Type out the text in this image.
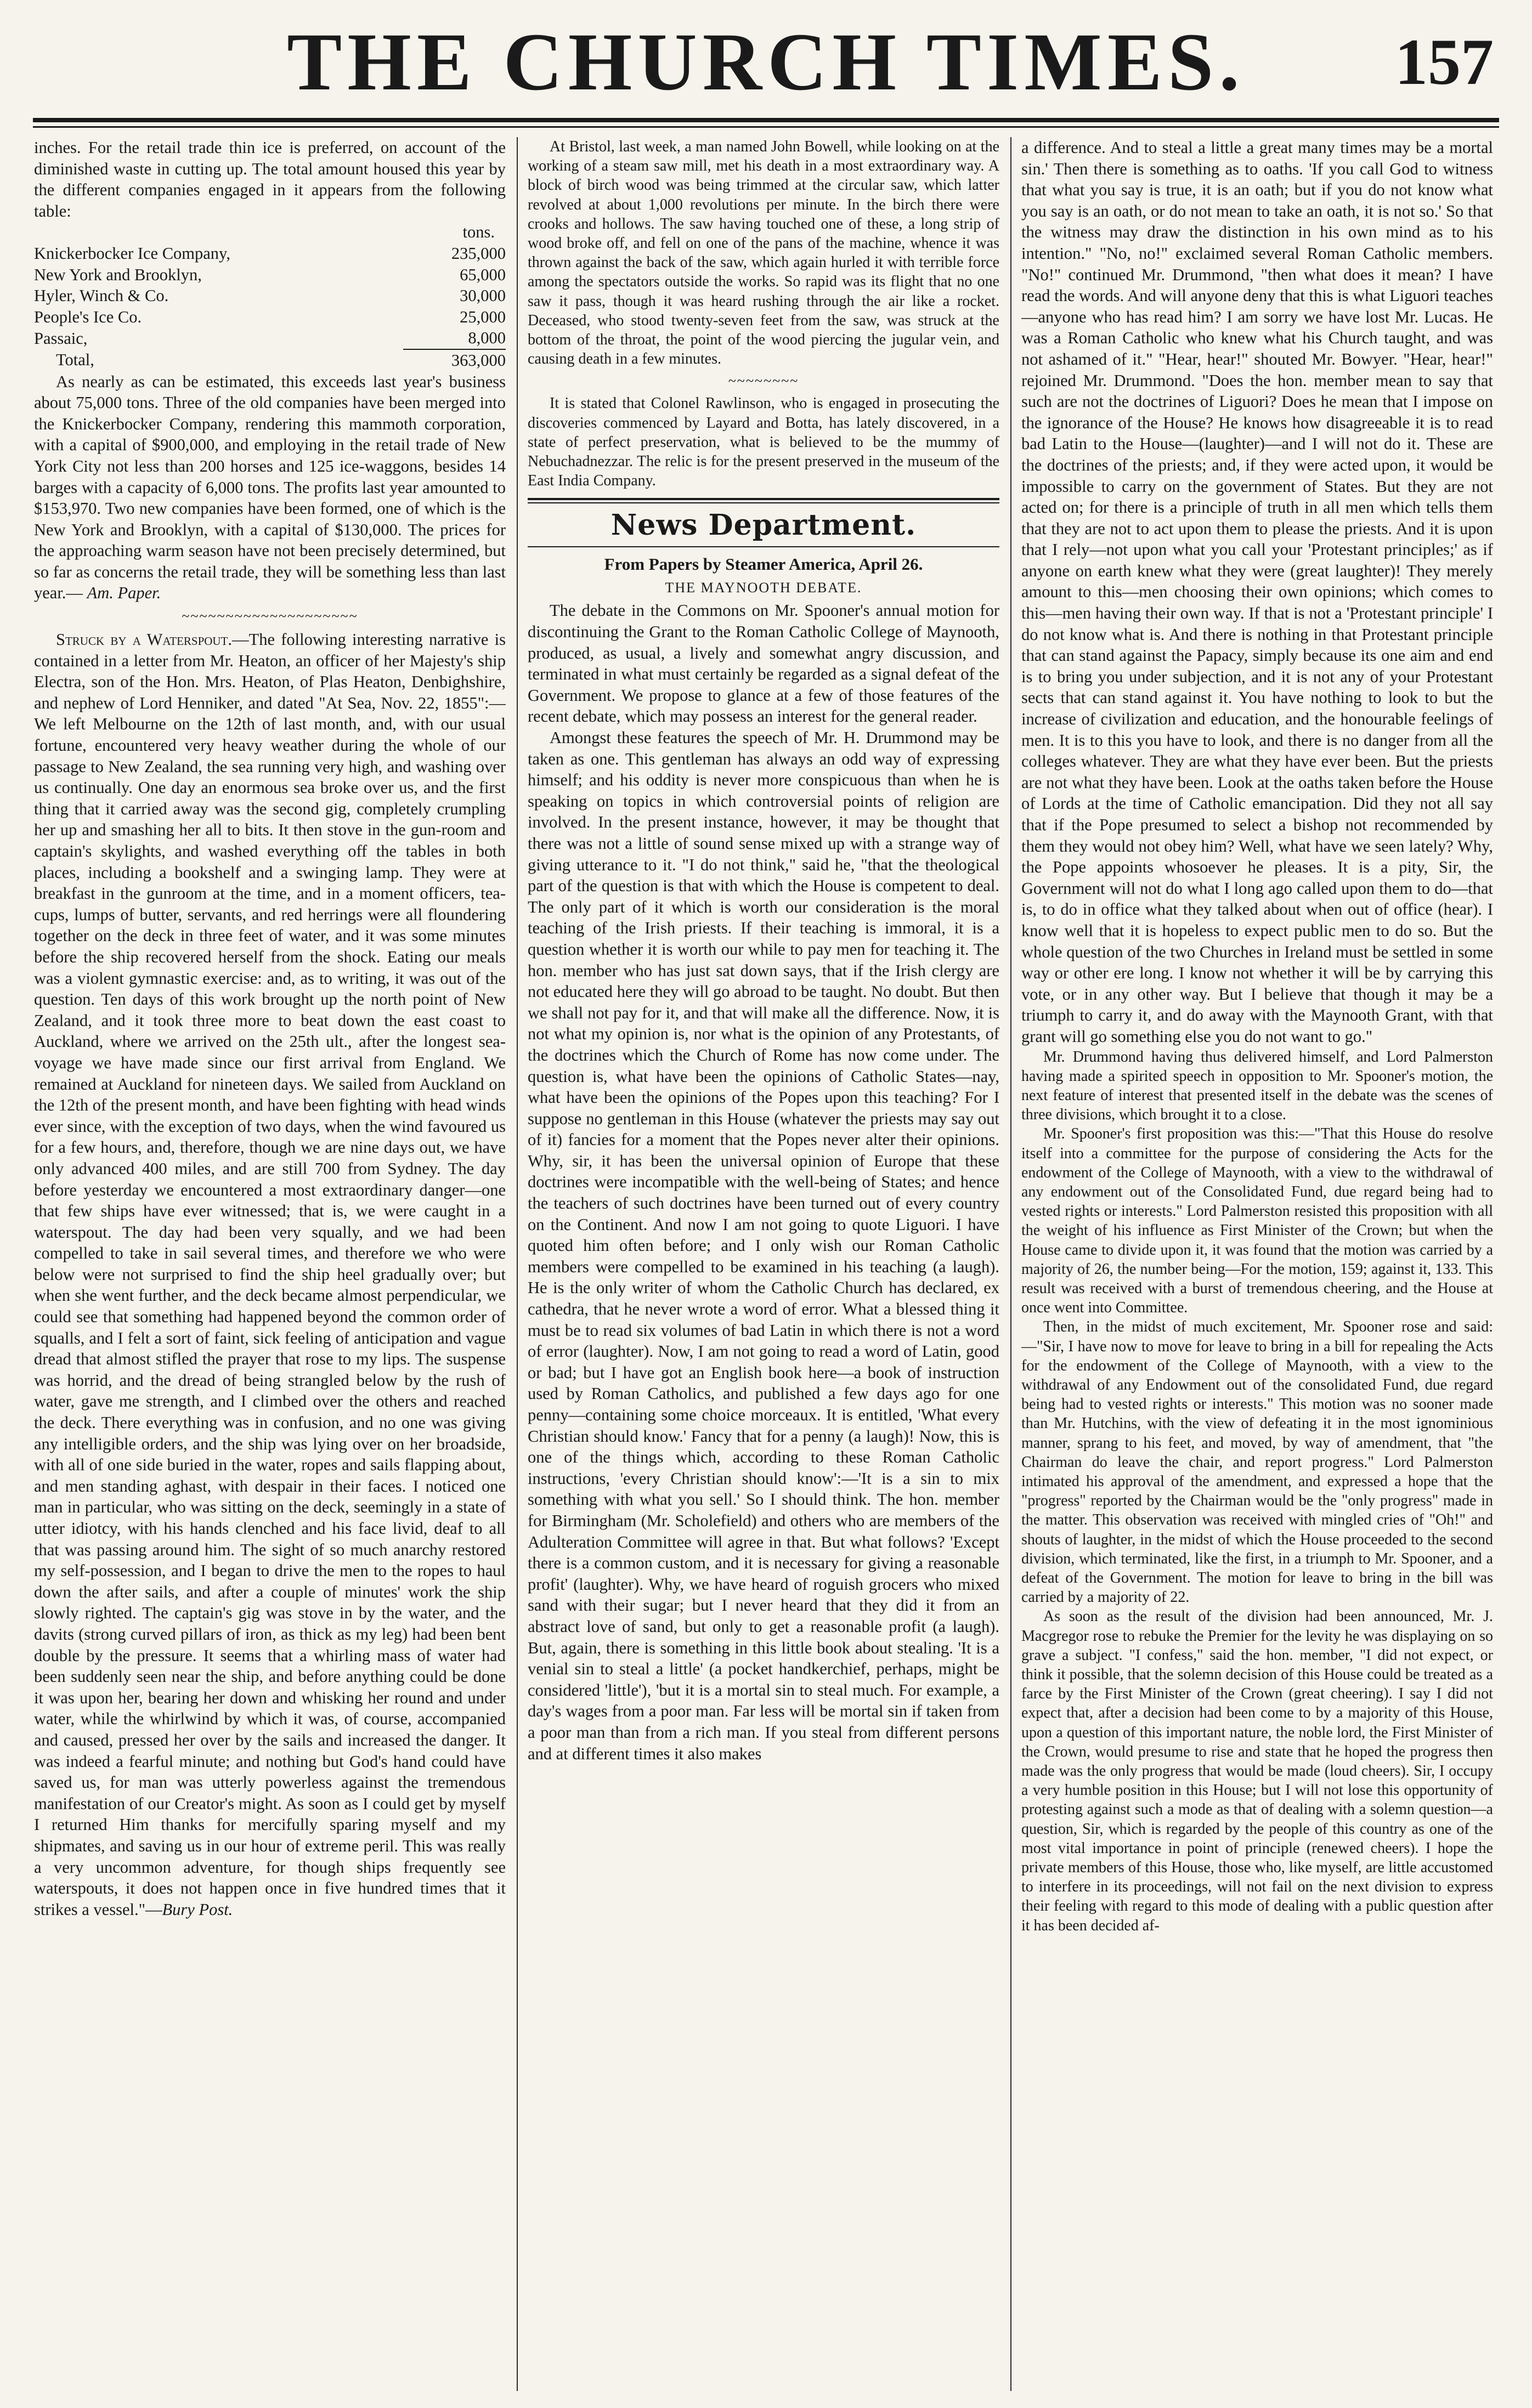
THE CHURCH TIMES.	157

inches. For the retail trade thin ice is preferred, on account of the diminished waste in cutting up. The total amount housed this year by the different companies engaged in it appears from the following table:

tons.
Knickerbocker Ice Company,	235,000
New York and Brooklyn,	65,000
Hyler, Winch & Co.	30,000
People's Ice Co.	25,000
Passaic,	8,000
Total,	363,000

As nearly as can be estimated, this exceeds last year's business about 75,000 tons. Three of the old companies have been merged into the Knickerbocker Company, rendering this mammoth corporation, with a capital of $900,000, and employing in the retail trade of New York City not less than 200 horses and 125 ice-waggons, besides 14 barges with a capacity of 6,000 tons. The profits last year amounted to $153,970. Two new companies have been formed, one of which is the New York and Brooklyn, with a capital of $130,000. The prices for the approaching warm season have not been precisely determined, but so far as concerns the retail trade, they will be something less than last year.— Am. Paper.

~~~~~~~~~~~~~~~~~~~~

Struck by a Waterspout.—The following interesting narrative is contained in a letter from Mr. Heaton, an officer of her Majesty's ship Electra, son of the Hon. Mrs. Heaton, of Plas Heaton, Denbighshire, and nephew of Lord Henniker, and dated "At Sea, Nov. 22, 1855":— We left Melbourne on the 12th of last month, and, with our usual fortune, encountered very heavy weather during the whole of our passage to New Zealand, the sea running very high, and washing over us continually. One day an enormous sea broke over us, and the first thing that it carried away was the second gig, completely crumpling her up and smashing her all to bits. It then stove in the gun-room and captain's skylights, and washed everything off the tables in both places, including a bookshelf and a swinging lamp. They were at breakfast in the gunroom at the time, and in a moment officers, tea-cups, lumps of butter, servants, and red herrings were all floundering together on the deck in three feet of water, and it was some minutes before the ship recovered herself from the shock. Eating our meals was a violent gymnastic exercise: and, as to writing, it was out of the question. Ten days of this work brought up the north point of New Zealand, and it took three more to beat down the east coast to Auckland, where we arrived on the 25th ult., after the longest sea-voyage we have made since our first arrival from England. We remained at Auckland for nineteen days. We sailed from Auckland on the 12th of the present month, and have been fighting with head winds ever since, with the exception of two days, when the wind favoured us for a few hours, and, therefore, though we are nine days out, we have only advanced 400 miles, and are still 700 from Sydney. The day before yesterday we encountered a most extraordinary danger—one that few ships have ever witnessed; that is, we were caught in a waterspout. The day had been very squally, and we had been compelled to take in sail several times, and therefore we who were below were not surprised to find the ship heel gradually over; but when she went further, and the deck became almost perpendicular, we could see that something had happened beyond the common order of squalls, and I felt a sort of faint, sick feeling of anticipation and vague dread that almost stifled the prayer that rose to my lips. The suspense was horrid, and the dread of being strangled below by the rush of water, gave me strength, and I climbed over the others and reached the deck. There everything was in confusion, and no one was giving any intelligible orders, and the ship was lying over on her broadside, with all of one side buried in the water, ropes and sails flapping about, and men standing aghast, with despair in their faces. I noticed one man in particular, who was sitting on the deck, seemingly in a state of utter idiotcy, with his hands clenched and his face livid, deaf to all that was passing around him. The sight of so much anarchy restored my self-possession, and I began to drive the men to the ropes to haul down the after sails, and after a couple of minutes' work the ship slowly righted. The captain's gig was stove in by the water, and the davits (strong curved pillars of iron, as thick as my leg) had been bent double by the pressure. It seems that a whirling mass of water had been suddenly seen near the ship, and before anything could be done it was upon her, bearing her down and whisking her round and under water, while the whirlwind by which it was, of course, accompanied and caused, pressed her over by the sails and increased the danger. It was indeed a fearful minute; and nothing but God's hand could have saved us, for man was utterly powerless against the tremendous manifestation of our Creator's might. As soon as I could get by myself I returned Him thanks for mercifully sparing myself and my shipmates, and saving us in our hour of extreme peril. This was really a very uncommon adventure, for though ships frequently see waterspouts, it does not happen once in five hundred times that it strikes a vessel."—Bury Post.

At Bristol, last week, a man named John Bowell, while looking on at the working of a steam saw mill, met his death in a most extraordinary way. A block of birch wood was being trimmed at the circular saw, which latter revolved at about 1,000 revolutions per minute. In the birch there were crooks and hollows. The saw having touched one of these, a long strip of wood broke off, and fell on one of the pans of the machine, whence it was thrown against the back of the saw, which again hurled it with terrible force among the spectators outside the works. So rapid was its flight that no one saw it pass, though it was heard rushing through the air like a rocket. Deceased, who stood twenty-seven feet from the saw, was struck at the bottom of the throat, the point of the wood piercing the jugular vein, and causing death in a few minutes.

~~~~~~~~

It is stated that Colonel Rawlinson, who is engaged in prosecuting the discoveries commenced by Layard and Botta, has lately discovered, in a state of perfect preservation, what is believed to be the mummy of Nebuchadnezzar. The relic is for the present preserved in the museum of the East India Company.

News Department.
From Papers by Steamer America, April 26.
THE MAYNOOTH DEBATE.

The debate in the Commons on Mr. Spooner's annual motion for discontinuing the Grant to the Roman Catholic College of Maynooth, produced, as usual, a lively and somewhat angry discussion, and terminated in what must certainly be regarded as a signal defeat of the Government. We propose to glance at a few of those features of the recent debate, which may possess an interest for the general reader.

Amongst these features the speech of Mr. H. Drummond may be taken as one. This gentleman has always an odd way of expressing himself; and his oddity is never more conspicuous than when he is speaking on topics in which controversial points of religion are involved. In the present instance, however, it may be thought that there was not a little of sound sense mixed up with a strange way of giving utterance to it. "I do not think," said he, "that the theological part of the question is that with which the House is competent to deal. The only part of it which is worth our consideration is the moral teaching of the Irish priests. If their teaching is immoral, it is a question whether it is worth our while to pay men for teaching it. The hon. member who has just sat down says, that if the Irish clergy are not educated here they will go abroad to be taught. No doubt. But then we shall not pay for it, and that will make all the difference. Now, it is not what my opinion is, nor what is the opinion of any Protestants, of the doctrines which the Church of Rome has now come under. The question is, what have been the opinions of Catholic States—nay, what have been the opinions of the Popes upon this teaching? For I suppose no gentleman in this House (whatever the priests may say out of it) fancies for a moment that the Popes never alter their opinions. Why, sir, it has been the universal opinion of Europe that these doctrines were incompatible with the well-being of States; and hence the teachers of such doctrines have been turned out of every country on the Continent. And now I am not going to quote Liguori. I have quoted him often before; and I only wish our Roman Catholic members were compelled to be examined in his teaching (a laugh). He is the only writer of whom the Catholic Church has declared, ex cathedra, that he never wrote a word of error. What a blessed thing it must be to read six volumes of bad Latin in which there is not a word of error (laughter). Now, I am not going to read a word of Latin, good or bad; but I have got an English book here—a book of instruction used by Roman Catholics, and published a few days ago for one penny—containing some choice morceaux. It is entitled, 'What every Christian should know.' Fancy that for a penny (a laugh)! Now, this is one of the things which, according to these Roman Catholic instructions, 'every Christian should know':—'It is a sin to mix something with what you sell.' So I should think. The hon. member for Birmingham (Mr. Scholefield) and others who are members of the Adulteration Committee will agree in that. But what follows? 'Except there is a common custom, and it is necessary for giving a reasonable profit' (laughter). Why, we have heard of roguish grocers who mixed sand with their sugar; but I never heard that they did it from an abstract love of sand, but only to get a reasonable profit (a laugh). But, again, there is something in this little book about stealing. 'It is a venial sin to steal a little' (a pocket handkerchief, perhaps, might be considered 'little'), 'but it is a mortal sin to steal much. For example, a day's wages from a poor man. Far less will be mortal sin if taken from a poor man than from a rich man. If you steal from different persons and at different times it also makes

a difference. And to steal a little a great many times may be a mortal sin.' Then there is something as to oaths. 'If you call God to witness that what you say is true, it is an oath; but if you do not know what you say is an oath, or do not mean to take an oath, it is not so.' So that the witness may draw the distinction in his own mind as to his intention." "No, no!" exclaimed several Roman Catholic members. "No!" continued Mr. Drummond, "then what does it mean? I have read the words. And will anyone deny that this is what Liguori teaches—anyone who has read him? I am sorry we have lost Mr. Lucas. He was a Roman Catholic who knew what his Church taught, and was not ashamed of it." "Hear, hear!" shouted Mr. Bowyer. "Hear, hear!" rejoined Mr. Drummond. "Does the hon. member mean to say that such are not the doctrines of Liguori? Does he mean that I impose on the ignorance of the House? He knows how disagreeable it is to read bad Latin to the House—(laughter)—and I will not do it. These are the doctrines of the priests; and, if they were acted upon, it would be impossible to carry on the government of States. But they are not acted on; for there is a principle of truth in all men which tells them that they are not to act upon them to please the priests. And it is upon that I rely—not upon what you call your 'Protestant principles;' as if anyone on earth knew what they were (great laughter)! They merely amount to this—men choosing their own opinions; which comes to this—men having their own way. If that is not a 'Protestant principle' I do not know what is. And there is nothing in that Protestant principle that can stand against the Papacy, simply because its one aim and end is to bring you under subjection, and it is not any of your Protestant sects that can stand against it. You have nothing to look to but the increase of civilization and education, and the honourable feelings of men. It is to this you have to look, and there is no danger from all the colleges whatever. They are what they have ever been. But the priests are not what they have been. Look at the oaths taken before the House of Lords at the time of Catholic emancipation. Did they not all say that if the Pope presumed to select a bishop not recommended by them they would not obey him? Well, what have we seen lately? Why, the Pope appoints whosoever he pleases. It is a pity, Sir, the Government will not do what I long ago called upon them to do—that is, to do in office what they talked about when out of office (hear). I know well that it is hopeless to expect public men to do so. But the whole question of the two Churches in Ireland must be settled in some way or other ere long. I know not whether it will be by carrying this vote, or in any other way. But I believe that though it may be a triumph to carry it, and do away with the Maynooth Grant, with that grant will go something else you do not want to go."

Mr. Drummond having thus delivered himself, and Lord Palmerston having made a spirited speech in opposition to Mr. Spooner's motion, the next feature of interest that presented itself in the debate was the scenes of three divisions, which brought it to a close.

Mr. Spooner's first proposition was this:—"That this House do resolve itself into a committee for the purpose of considering the Acts for the endowment of the College of Maynooth, with a view to the withdrawal of any endowment out of the Consolidated Fund, due regard being had to vested rights or interests." Lord Palmerston resisted this proposition with all the weight of his influence as First Minister of the Crown; but when the House came to divide upon it, it was found that the motion was carried by a majority of 26, the number being—For the motion, 159; against it, 133. This result was received with a burst of tremendous cheering, and the House at once went into Committee.

Then, in the midst of much excitement, Mr. Spooner rose and said:—"Sir, I have now to move for leave to bring in a bill for repealing the Acts for the endowment of the College of Maynooth, with a view to the withdrawal of any Endowment out of the consolidated Fund, due regard being had to vested rights or interests." This motion was no sooner made than Mr. Hutchins, with the view of defeating it in the most ignominious manner, sprang to his feet, and moved, by way of amendment, that "the Chairman do leave the chair, and report progress." Lord Palmerston intimated his approval of the amendment, and expressed a hope that the "progress" reported by the Chairman would be the "only progress" made in the matter. This observation was received with mingled cries of "Oh!" and shouts of laughter, in the midst of which the House proceeded to the second division, which terminated, like the first, in a triumph to Mr. Spooner, and a defeat of the Government. The motion for leave to bring in the bill was carried by a majority of 22.

As soon as the result of the division had been announced, Mr. J. Macgregor rose to rebuke the Premier for the levity he was displaying on so grave a subject. "I confess," said the hon. member, "I did not expect, or think it possible, that the solemn decision of this House could be treated as a farce by the First Minister of the Crown (great cheering). I say I did not expect that, after a decision had been come to by a majority of this House, upon a question of this important nature, the noble lord, the First Minister of the Crown, would presume to rise and state that he hoped the progress then made was the only progress that would be made (loud cheers). Sir, I occupy a very humble position in this House; but I will not lose this opportunity of protesting against such a mode as that of dealing with a solemn question—a question, Sir, which is regarded by the people of this country as one of the most vital importance in point of principle (renewed cheers). I hope the private members of this House, those who, like myself, are little accustomed to interfere in its proceedings, will not fail on the next division to express their feeling with regard to this mode of dealing with a public question after it has been decided af-
